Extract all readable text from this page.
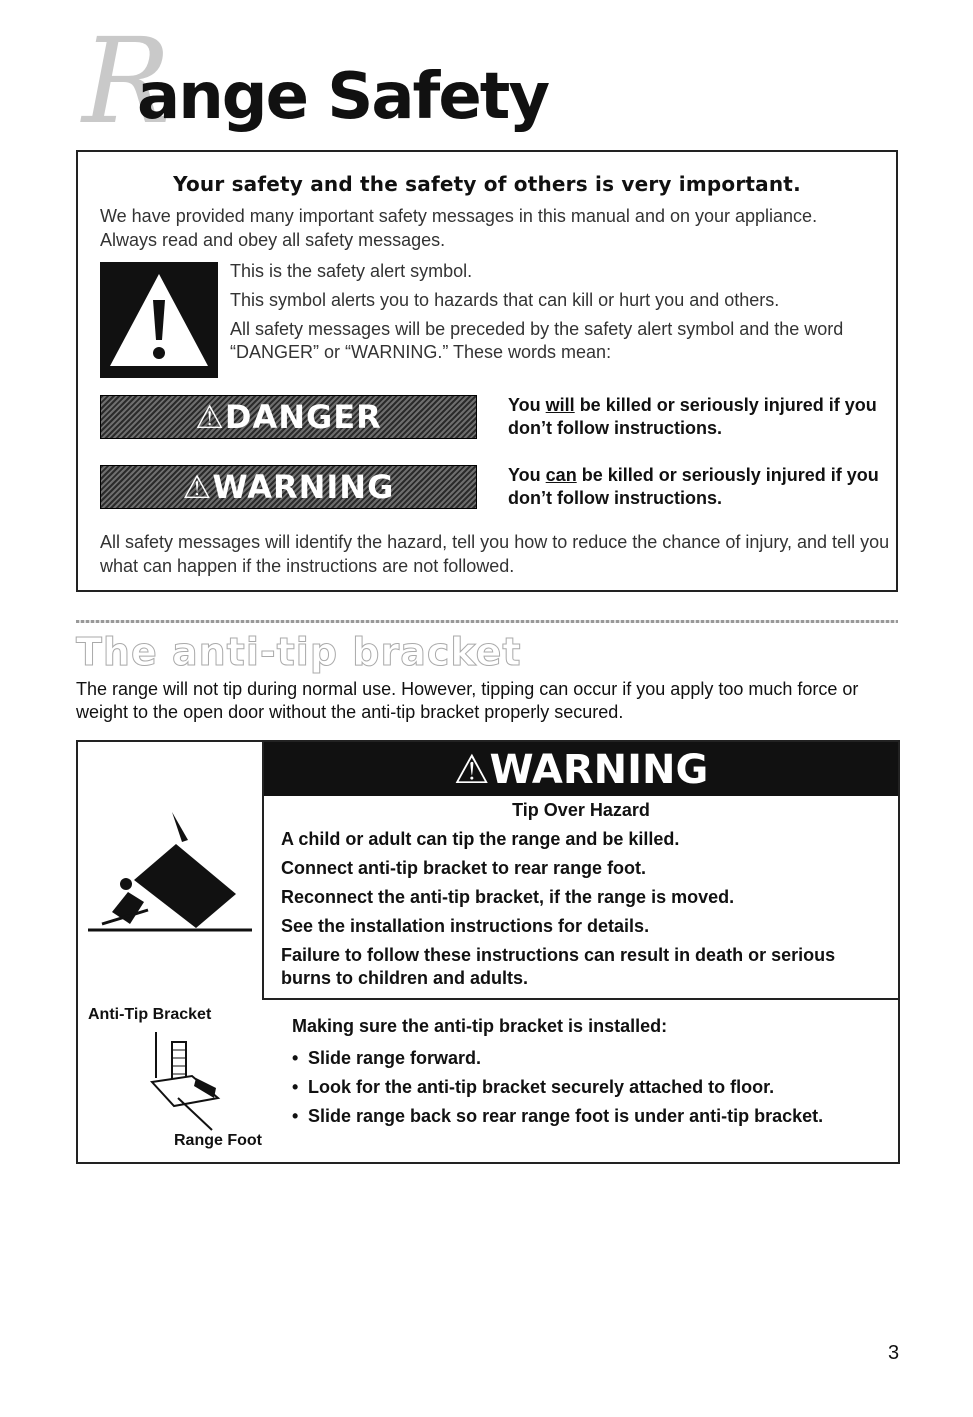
R
ange Safety
Your safety and the safety of others is very important.
We have provided many important safety messages in this manual and on your appliance. Always read and obey all safety messages.

This is the safety alert symbol.

This symbol alerts you to hazards that can kill or hurt you and others.

All safety messages will be preceded by the safety alert symbol and the word “DANGER” or “WARNING.” These words mean:

⚠DANGER	You will be killed or seriously injured if you don’t follow instructions.
⚠WARNING	You can be killed or seriously injured if you don’t follow instructions.
All safety messages will identify the hazard, tell you how to reduce the chance of injury, and tell you what can happen if the instructions are not followed.
The anti-tip bracket
The range will not tip during normal use. However, tipping can occur if you apply too much force or weight to the open door without the anti-tip bracket properly secured.
⚠WARNING
Tip Over Hazard
A child or adult can tip the range and be killed.
Connect anti-tip bracket to rear range foot.
Reconnect the anti-tip bracket, if the range is moved.
See the installation instructions for details.
Failure to follow these instructions can result in death or serious burns to children and adults.
Anti-Tip Bracket
Range Foot
Making sure the anti-tip bracket is installed:
• Slide range forward.
• Look for the anti-tip bracket securely attached to floor.
• Slide range back so rear range foot is under anti-tip bracket.
3
